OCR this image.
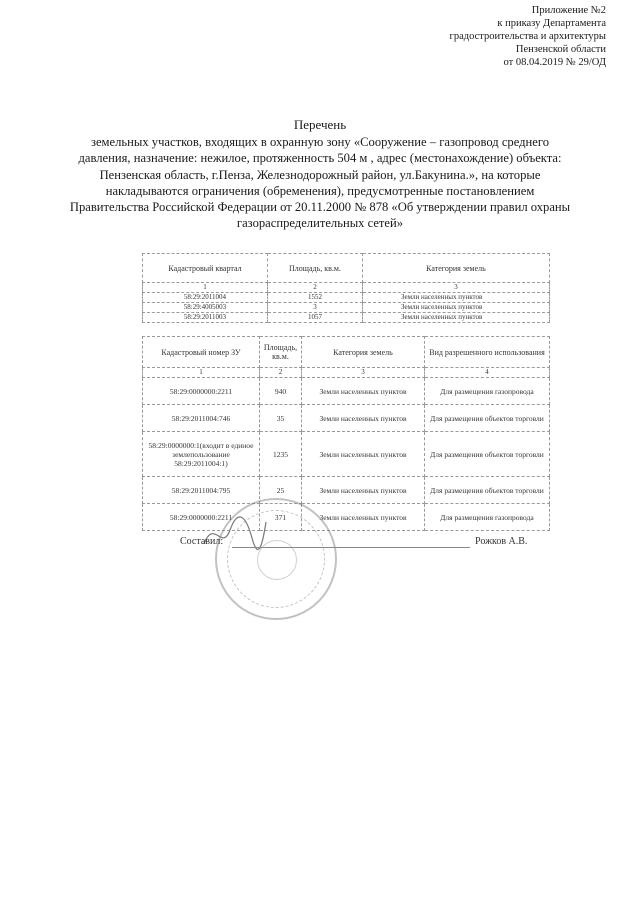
Приложение №2
к приказу Департамента
градостроительства и архитектуры
Пензенской области
от 08.04.2019 № 29/ОД
Перечень
земельных участков, входящих в охранную зону «Сооружение – газопровод среднего
давления, назначение: нежилое, протяженность 504 м , адрес (местонахождение) объекта:
Пензенская область, г.Пенза, Железнодорожный район, ул.Бакунина.», на которые
накладываются ограничения (обременения), предусмотренные постановлением
Правительства Российской Федерации от 20.11.2000 № 878 «Об утверждении правил охраны
газораспределительных сетей»
Кадастровый квартал	Площадь, кв.м.	Категория земель
1	2	3
58:29:2011004	1552	Земли населенных пунктов
58:29:4005003	3	Земли населенных пунктов
58:29:2011003	1057	Земли населенных пунктов
Кадастровый номер ЗУ	Площадь, кв.м.	Категория земель	Вид разрешенного использования
1	2	3	4
58:29:0000000:2211	940	Земли населенных пунктов	Для размещения газопровода
58:29:2011004:746	35	Земли населенных пунктов	Для размещения объектов торговли
58:29:0000000:1(входит в единое землепользование 58:29:2011004:1)	1235	Земли населенных пунктов	Для размещения объектов торговли
58:29:2011004:795	25	Земли населенных пунктов	Для размещения объектов торговли
58:29:0000000:2211	371	Земли населенных пунктов	Для размещения газопровода
Составил:	Рожков А.В.
